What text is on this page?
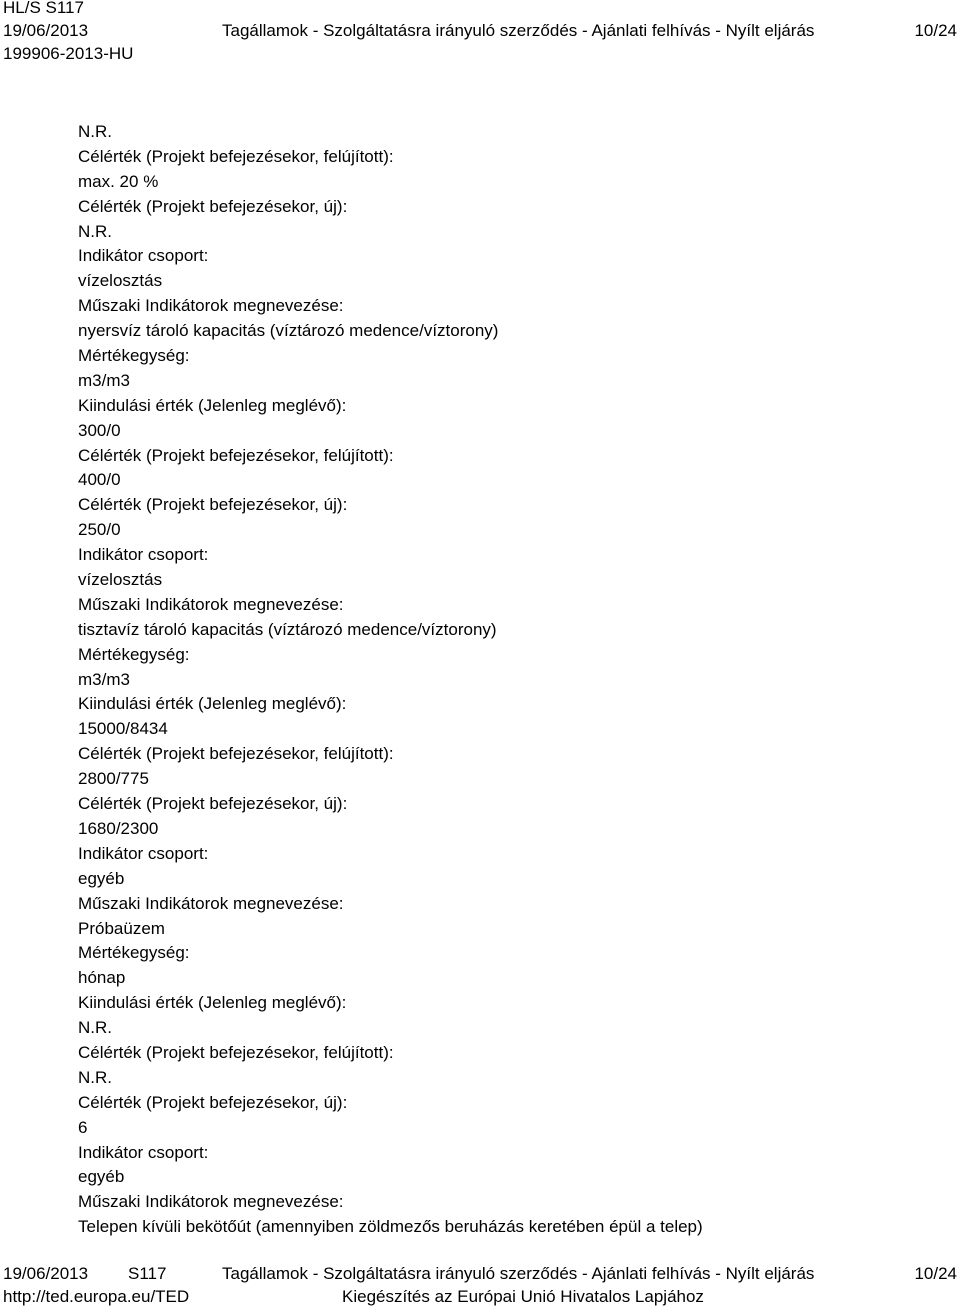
HL/S S117
19/06/2013	Tagállamok - Szolgáltatásra irányuló szerződés - Ajánlati felhívás - Nyílt eljárás	10/24
199906-2013-HU
N.R.
Célérték (Projekt befejezésekor, felújított):
max. 20 %
Célérték (Projekt befejezésekor, új):
N.R.
Indikátor csoport:
vízelosztás
Műszaki Indikátorok megnevezése:
nyersvíz tároló kapacitás (víztározó medence/víztorony)
Mértékegység:
m3/m3
Kiindulási érték (Jelenleg meglévő):
300/0
Célérték (Projekt befejezésekor, felújított):
400/0
Célérték (Projekt befejezésekor, új):
250/0
Indikátor csoport:
vízelosztás
Műszaki Indikátorok megnevezése:
tisztavíz tároló kapacitás (víztározó medence/víztorony)
Mértékegység:
m3/m3
Kiindulási érték (Jelenleg meglévő):
15000/8434
Célérték (Projekt befejezésekor, felújított):
2800/775
Célérték (Projekt befejezésekor, új):
1680/2300
Indikátor csoport:
egyéb
Műszaki Indikátorok megnevezése:
Próbaüzem
Mértékegység:
hónap
Kiindulási érték (Jelenleg meglévő):
N.R.
Célérték (Projekt befejezésekor, felújított):
N.R.
Célérték (Projekt befejezésekor, új):
6
Indikátor csoport:
egyéb
Műszaki Indikátorok megnevezése:
Telepen kívüli bekötőút (amennyiben zöldmezős beruházás keretében épül a telep)
19/06/2013 S117	Tagállamok - Szolgáltatásra irányuló szerződés - Ajánlati felhívás - Nyílt eljárás	10/24
http://ted.europa.eu/TED	Kiegészítés az Európai Unió Hivatalos Lapjához
